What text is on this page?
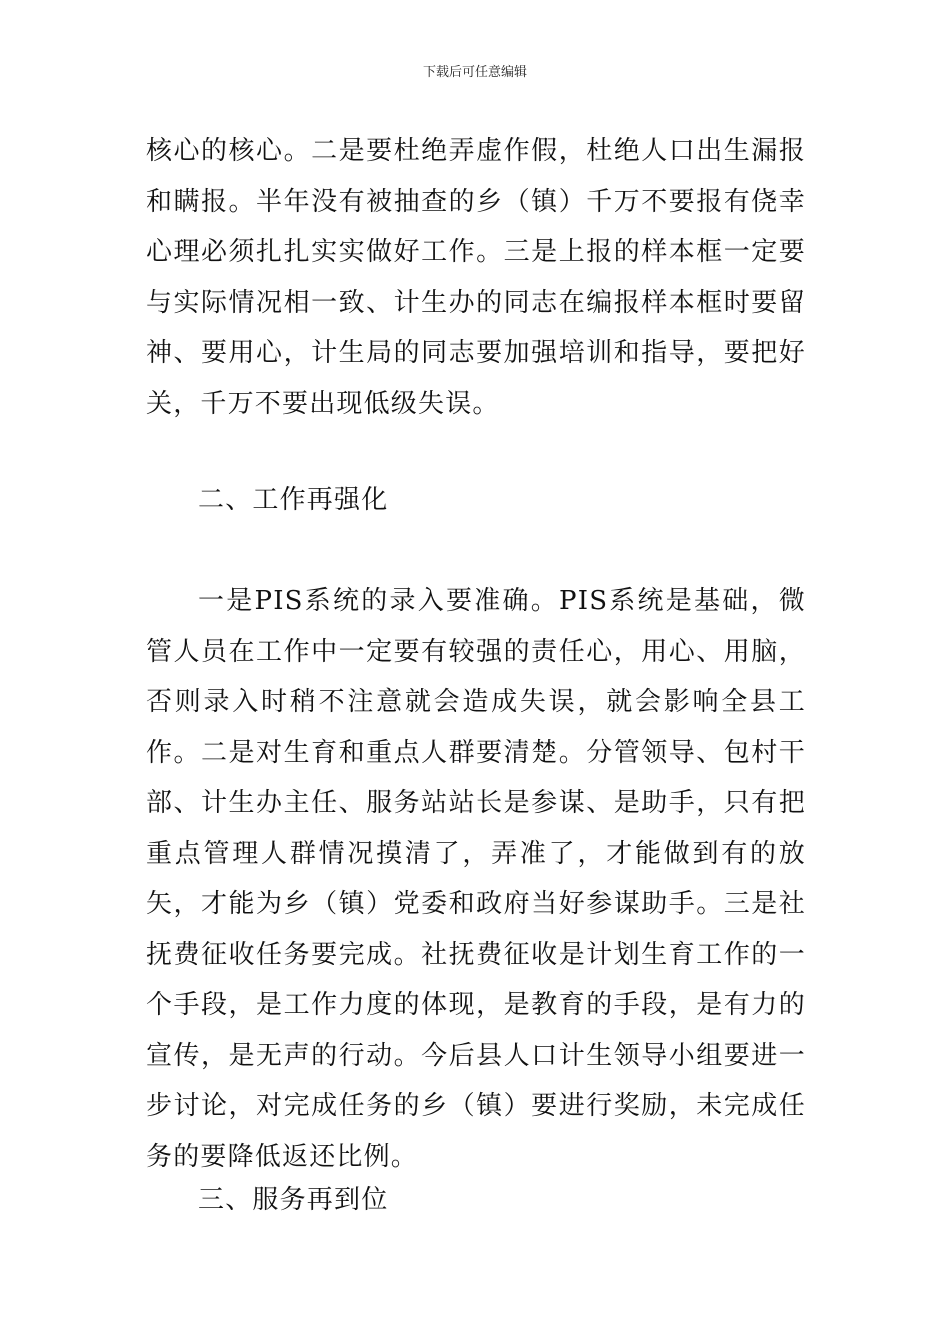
下载后可任意编辑

核心的核心。二是要杜绝弄虚作假，杜绝人口出生漏报和瞒报。半年没有被抽查的乡（镇）千万不要报有侥幸心理必须扎扎实实做好工作。三是上报的样本框一定要与实际情况相一致、计生办的同志在编报样本框时要留神、要用心，计生局的同志要加强培训和指导，要把好关，千万不要出现低级失误。

二、工作再强化

一是PIS系统的录入要准确。PIS系统是基础，微管人员在工作中一定要有较强的责任心，用心、用脑，否则录入时稍不注意就会造成失误，就会影响全县工作。二是对生育和重点人群要清楚。分管领导、包村干部、计生办主任、服务站站长是参谋、是助手，只有把重点管理人群情况摸清了，弄准了，才能做到有的放矢，才能为乡（镇）党委和政府当好参谋助手。三是社抚费征收任务要完成。社抚费征收是计划生育工作的一个手段，是工作力度的体现，是教育的手段，是有力的宣传，是无声的行动。今后县人口计生领导小组要进一步讨论，对完成任务的乡（镇）要进行奖励，未完成任务的要降低返还比例。

三、服务再到位
